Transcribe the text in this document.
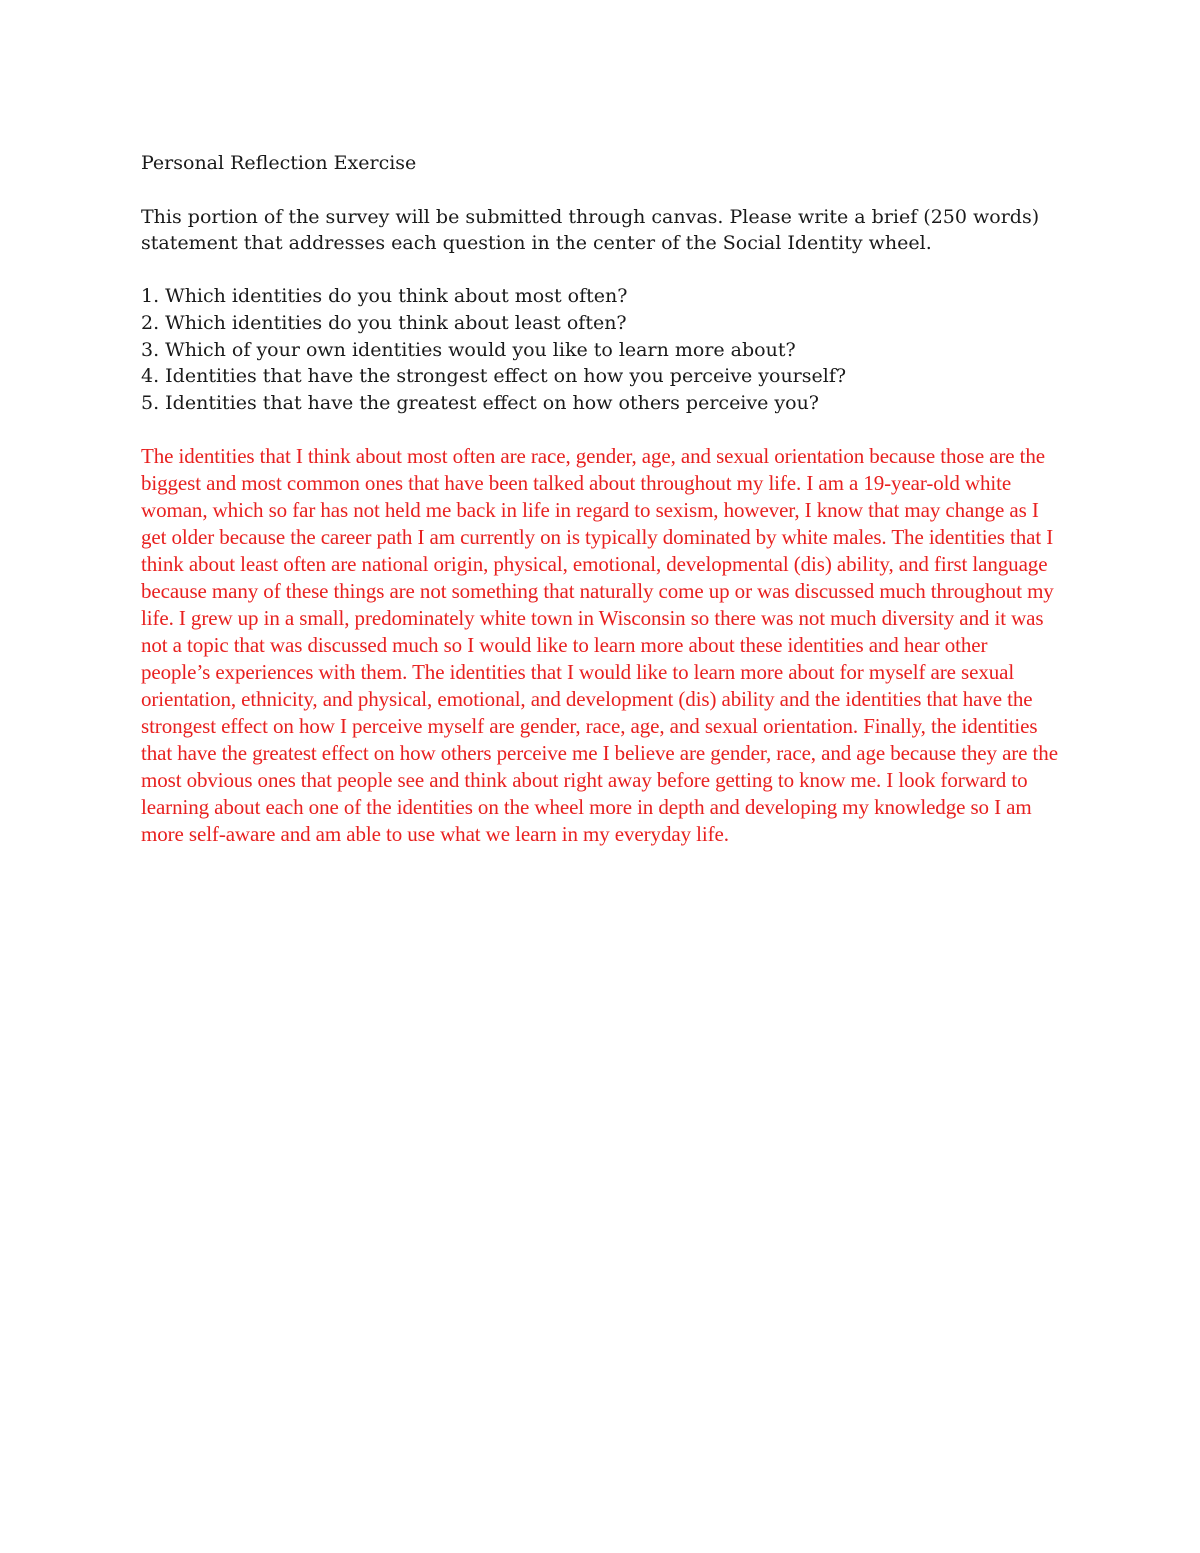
Personal Reflection Exercise

This portion of the survey will be submitted through canvas. Please write a brief (250 words) statement that addresses each question in the center of the Social Identity wheel.

1. Which identities do you think about most often?
2. Which identities do you think about least often?
3. Which of your own identities would you like to learn more about?
4. Identities that have the strongest effect on how you perceive yourself?
5. Identities that have the greatest effect on how others perceive you?

The identities that I think about most often are race, gender, age, and sexual orientation because those are the biggest and most common ones that have been talked about throughout my life. I am a 19-year-old white woman, which so far has not held me back in life in regard to sexism, however, I know that may change as I get older because the career path I am currently on is typically dominated by white males. The identities that I think about least often are national origin, physical, emotional, developmental (dis) ability, and first language because many of these things are not something that naturally come up or was discussed much throughout my life. I grew up in a small, predominately white town in Wisconsin so there was not much diversity and it was not a topic that was discussed much so I would like to learn more about these identities and hear other people’s experiences with them. The identities that I would like to learn more about for myself are sexual orientation, ethnicity, and physical, emotional, and development (dis) ability and the identities that have the strongest effect on how I perceive myself are gender, race, age, and sexual orientation. Finally, the identities that have the greatest effect on how others perceive me I believe are gender, race, and age because they are the most obvious ones that people see and think about right away before getting to know me. I look forward to learning about each one of the identities on the wheel more in depth and developing my knowledge so I am more self-aware and am able to use what we learn in my everyday life.
